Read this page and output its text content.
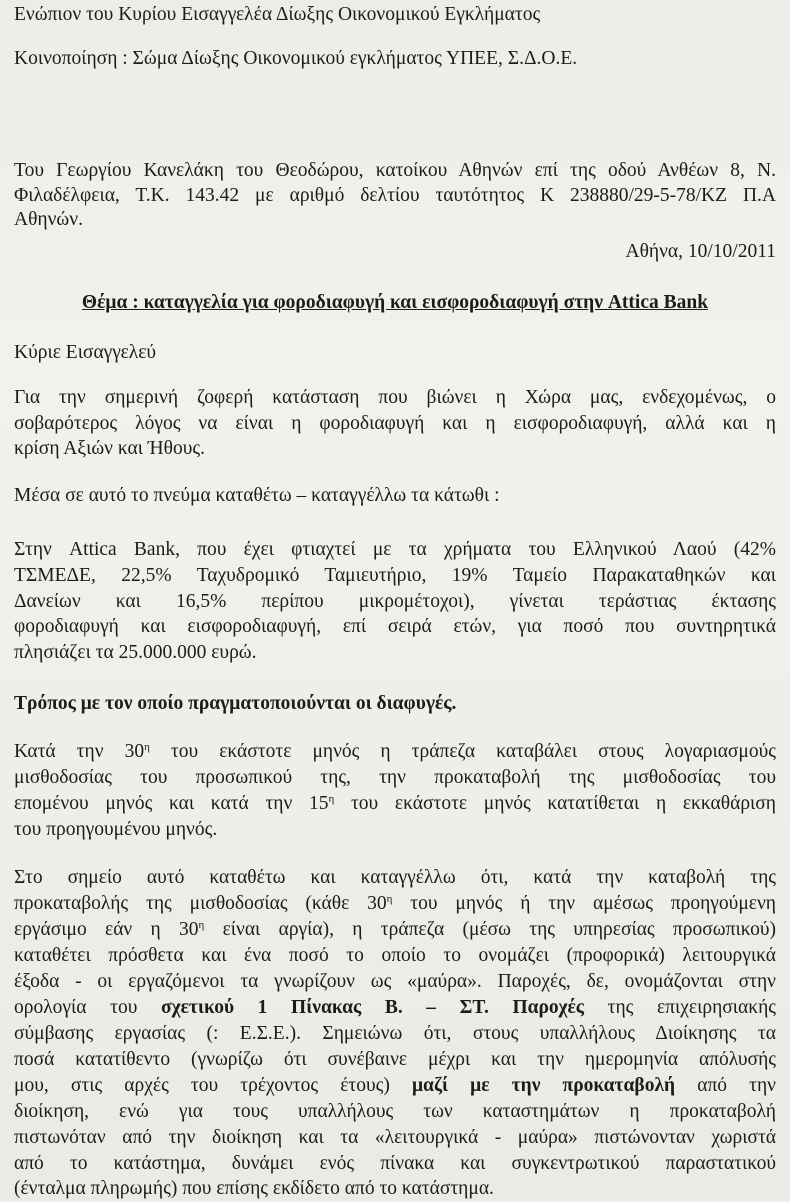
Ενώπιον του Κυρίου Εισαγγελέα Δίωξης Οικονομικού Εγκλήματος
Κοινοποίηση : Σώμα Δίωξης Οικονομικού εγκλήματος ΥΠΕΕ, Σ.Δ.Ο.Ε.
Του Γεωργίου Κανελάκη του Θεοδώρου, κατοίκου Αθηνών επί της οδού Ανθέων 8, Ν.
Φιλαδέλφεια, Τ.Κ. 143.42 με αριθμό δελτίου ταυτότητος Κ 238880/29-5-78/ΚΖ Π.Α
Αθηνών.
Αθήνα, 10/10/2011
Θέμα : καταγγελία για φοροδιαφυγή και εισφοροδιαφυγή στην Attica Bank
Κύριε Εισαγγελεύ
Για την σημερινή ζοφερή κατάσταση που βιώνει η Χώρα μας, ενδεχομένως, ο
σοβαρότερος λόγος να είναι η φοροδιαφυγή και η εισφοροδιαφυγή, αλλά και η
κρίση Αξιών και Ήθους.
Μέσα σε αυτό το πνεύμα καταθέτω – καταγγέλλω τα κάτωθι :
Στην Attica Bank, που έχει φτιαχτεί με τα χρήματα του Ελληνικού Λαού (42%
ΤΣΜΕΔΕ, 22,5% Ταχυδρομικό Ταμιευτήριο, 19% Ταμείο Παρακαταθηκών και
Δανείων και 16,5% περίπου μικρομέτοχοι), γίνεται τεράστιας έκτασης
φοροδιαφυγή και εισφοροδιαφυγή, επί σειρά ετών, για ποσό που συντηρητικά
πλησιάζει τα 25.000.000 ευρώ.
Τρόπος με τον οποίο πραγματοποιούνται οι διαφυγές.
Κατά την $30^\eta$ του εκάστοτε μηνός η τράπεζα καταβάλει στους λογαριασμούς
μισθοδοσίας του προσωπικού της, την προκαταβολή της μισθοδοσίας του
επομένου μηνός και κατά την $15^\eta$ του εκάστοτε μηνός κατατίθεται η εκκαθάριση
του προηγουμένου μηνός.
Στο σημείο αυτό καταθέτω και καταγγέλλω ότι, κατά την καταβολή της
προκαταβολής της μισθοδοσίας (κάθε $30^\eta$ του μηνός ή την αμέσως προηγούμενη
εργάσιμο εάν η $30^\eta$ είναι αργία), η τράπεζα (μέσω της υπηρεσίας προσωπικού)
καταθέτει πρόσθετα και ένα ποσό το οποίο το ονομάζει (προφορικά) λειτουργικά
έξοδα - οι εργαζόμενοι τα γνωρίζουν ως «μαύρα». Παροχές, δε, ονομάζονται στην
ορολογία του σχετικού 1 Πίνακας Β. – ΣΤ. Παροχές της επιχειρησιακής
σύμβασης εργασίας (: Ε.Σ.Ε.). Σημειώνω ότι, στους υπαλλήλους Διοίκησης τα
ποσά κατατίθεντο (γνωρίζω ότι συνέβαινε μέχρι και την ημερομηνία απόλυσής
μου, στις αρχές του τρέχοντος έτους) μαζί με την προκαταβολή από την
διοίκηση, ενώ για τους υπαλλήλους των καταστημάτων η προκαταβολή
πιστωνόταν από την διοίκηση και τα «λειτουργικά - μαύρα» πιστώνονταν χωριστά
από το κατάστημα, δυνάμει ενός πίνακα και συγκεντρωτικού παραστατικού
(ένταλμα πληρωμής) που επίσης εκδίδετο από το κατάστημα.
